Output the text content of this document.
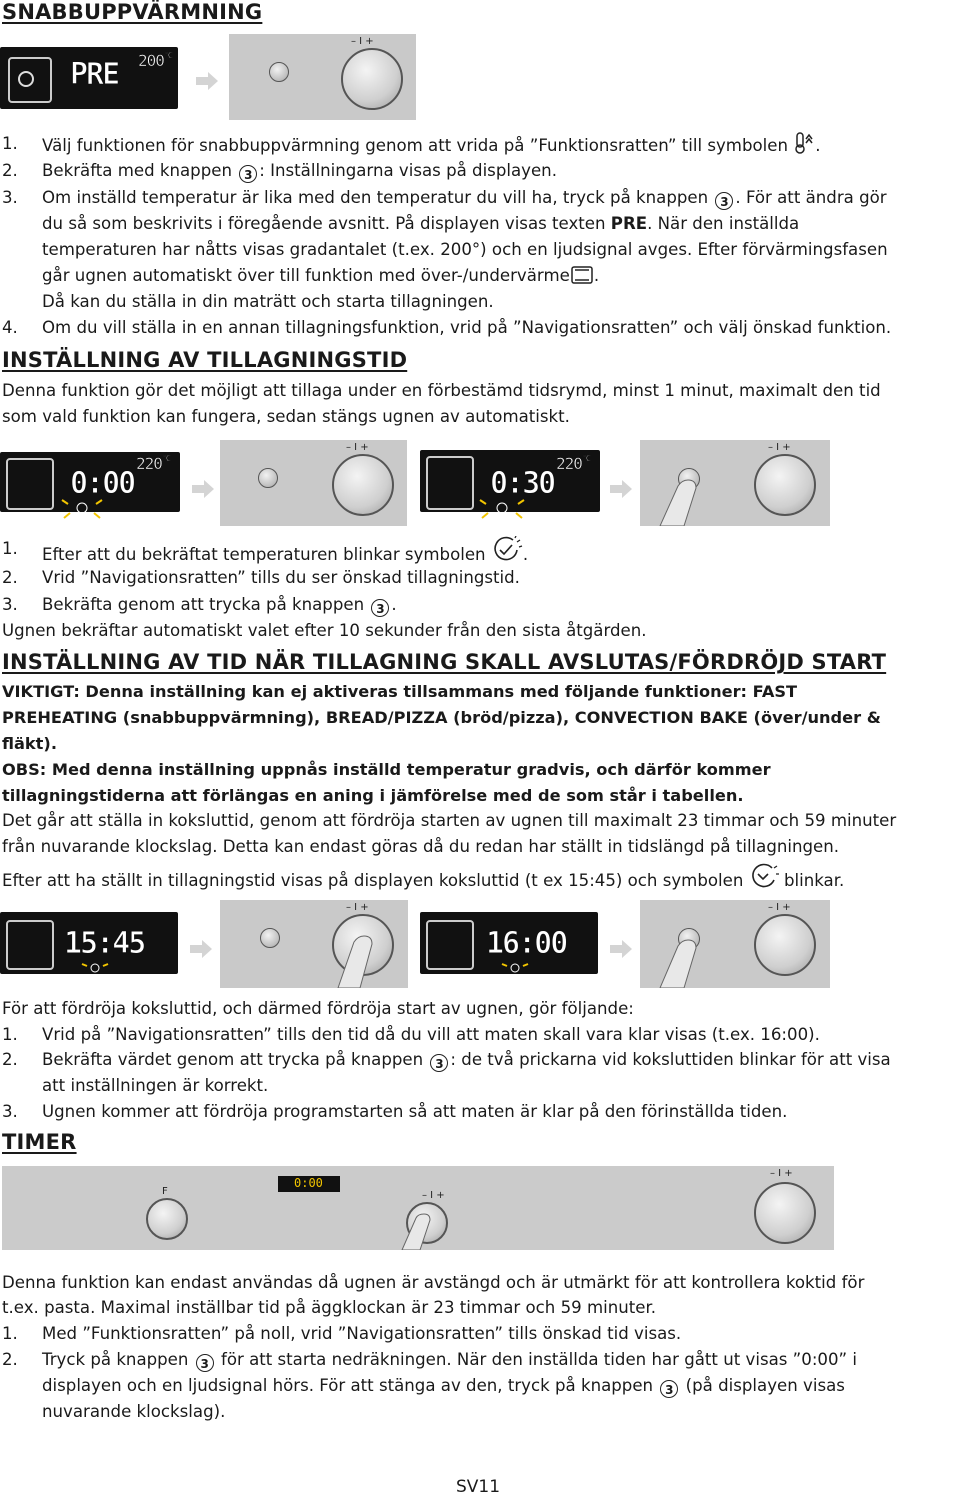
SNABBUPPVÄRMNING
PRE 200 °C
– I +
1.	Välj funktionen för snabbuppvärmning genom att vrida på ”Funktionsratten” till symbolen .
2.	Bekräfta med knappen 3 : Inställningarna visas på displayen.
3.	Om inställd temperatur är lika med den temperatur du vill ha, tryck på knappen 3 . För att ändra gör
du så som beskrivits i föregående avsnitt. På displayen visas texten PRE. När den inställda
temperaturen har nåtts visas gradantalet (t.ex. 200°) och en ljudsignal avges. Efter förvärmingsfasen
går ugnen automatiskt över till funktion med över-/undervärme .
Då kan du ställa in din maträtt och starta tillagningen.
4.	Om du vill ställa in en annan tillagningsfunktion, vrid på ”Navigationsratten” och välj önskad funktion.
INSTÄLLNING AV TILLAGNINGSTID
Denna funktion gör det möjligt att tillaga under en förbestämd tidsrymd, minst 1 minut, maximalt den tid
som vald funktion kan fungera, sedan stängs ugnen av automatiskt.
0:00
220 °C
– I +
0:30
220 °C
– I +
1.	Efter att du bekräftat temperaturen blinkar symbolen .
2.	Vrid ”Navigationsratten” tills du ser önskad tillagningstid.
3.	Bekräfta genom att trycka på knappen 3 .
Ugnen bekräftar automatiskt valet efter 10 sekunder från den sista åtgärden.
INSTÄLLNING AV TID NÄR TILLAGNING SKALL AVSLUTAS/FÖRDRÖJD START
VIKTIGT: Denna inställning kan ej aktiveras tillsammans med följande funktioner: FAST
PREHEATING (snabbuppvärmning), BREAD/PIZZA (bröd/pizza), CONVECTION BAKE (över/under &
fläkt).
OBS: Med denna inställning uppnås inställd temperatur gradvis, och därför kommer
tillagningstiderna att förlängas en aning i jämförelse med de som står i tabellen.
Det går att ställa in koksluttid, genom att fördröja starten av ugnen till maximalt 23 timmar och 59 minuter
från nuvarande klockslag. Detta kan endast göras då du redan har ställt in tidslängd på tillagningen.
Efter att ha ställt in tillagningstid visas på displayen koksluttid (t ex 15:45) och symbolen blinkar.
15:45
– I +
16:00
– I +
För att fördröja koksluttid, och därmed fördröja start av ugnen, gör följande:
1.	Vrid på ”Navigationsratten” tills den tid då du vill att maten skall vara klar visas (t.ex. 16:00).
2.	Bekräfta värdet genom att trycka på knappen 3 : de två prickarna vid koksluttiden blinkar för att visa
att inställningen är korrekt.
3.	Ugnen kommer att fördröja programstarten så att maten är klar på den förinställda tiden.
TIMER
F
0:00
– I +
– I +
Denna funktion kan endast användas då ugnen är avstängd och är utmärkt för att kontrollera koktid för
t.ex. pasta. Maximal inställbar tid på äggklockan är 23 timmar och 59 minuter.
1.	Med ”Funktionsratten” på noll, vrid ”Navigationsratten” tills önskad tid visas.
2.	Tryck på knappen 3 för att starta nedräkningen. När den inställda tiden har gått ut visas ”0:00” i
displayen och en ljudsignal hörs. För att stänga av den, tryck på knappen 3 (på displayen visas
nuvarande klockslag).
SV11
